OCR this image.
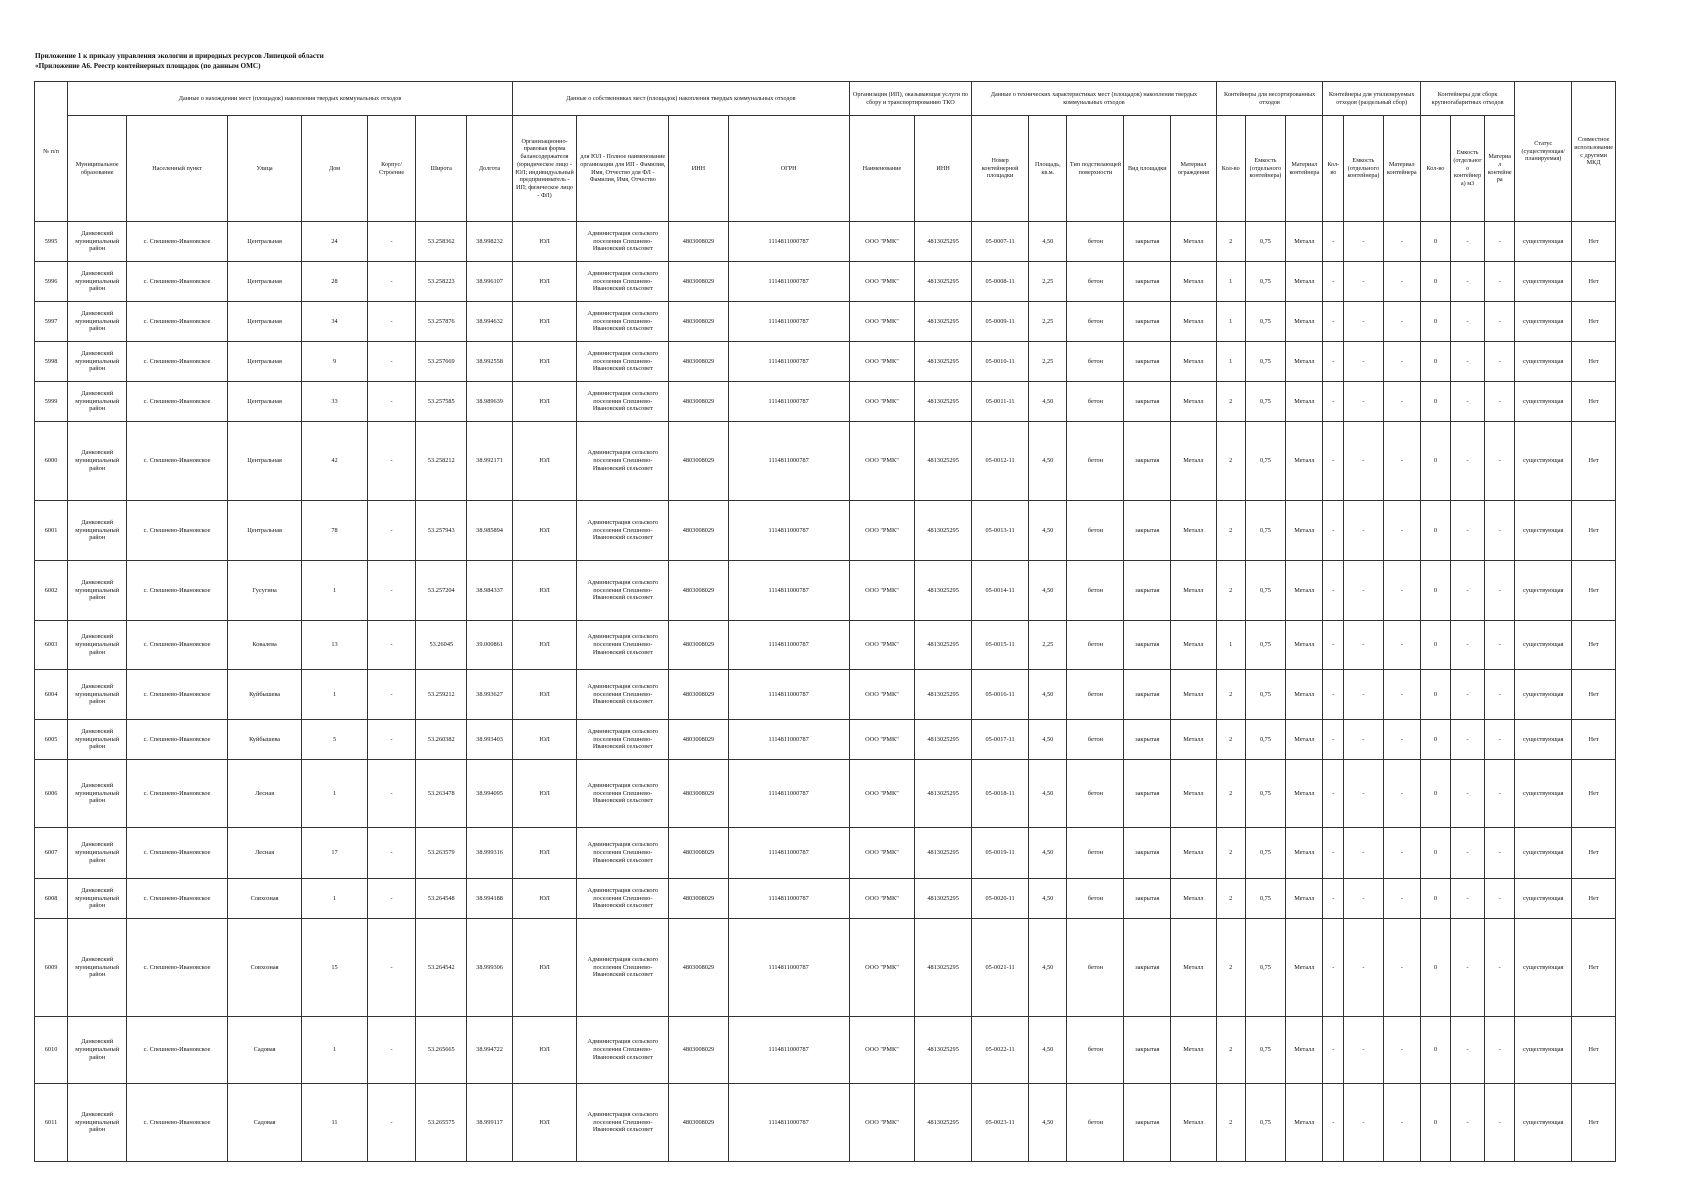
Приложение 1 к приказу управления экологии и природных ресурсов Липецкой области
«Приложение А6. Реестр контейнерных площадок (по данным ОМС)
№ п/п	Данные о нахождении мест (площадок) накопления твердых коммунальных отходов							Данные о собственниках мест (площадок) накопления твердых коммунальных отходов				Организация (ИП), оказывающая услуги по сбору и транспортированию ТКО		Данные о технических характеристиках мест (площадок) накопления твердых коммунальных отходов					Контейнеры для несортированных отходов			Контейнеры для утилизируемых отходов (раздельный сбор)			Контейнеры для сборк крупногабаритных отходов			Статус (существующая/ планируемая)	Совместное использование с другими МКД
	Муниципальное образование	Населенный пункт	Улица	Дом	Корпус/Строение	Широта	Долгота	Организационно-правовая форма балансодержателя (юридическое лицо - ЮЛ; индивидуальный предприниматель - ИП; физическое лицо - ФЛ)	для ЮЛ - Полное наименование организации для ИП - Фамилия, Имя, Отчество для ФЛ - Фамилия, Имя, Отчество	ИНН	ОГРН	Наименование	ИНН	Номер контейнерной площадки	Площадь, кв.м.	Тип подстилающей поверхности	Вид площадки	Материал ограждения	Кол-во	Емкость (отдельного контейнера)	Материал контейнера	Кол-во	Емкость (отдельного контейнера)	Материал контейнера	Кол-во	Емкость (отдельного контейнера) м3	Материал контейнера		
5995	Данковский муниципальный район	с. Спешнево-Ивановское	Центральная	24	-	53.258362	38.998232	ЮЛ	Администрация сельского поселения Спешнево-Ивановский сельсовет	4803008029	1114811000787	ООО "РМК"	4813025295	05-0007-11	4,50	бетон	закрытая	Металл	2	0,75	Металл	-	-	-	0	-	-	существующая	Нет
5996	Данковский муниципальный район	с. Спешнево-Ивановское	Центральная	28	-	53.258223	38.996107	ЮЛ	Администрация сельского поселения Спешнево-Ивановский сельсовет	4803008029	1114811000787	ООО "РМК"	4813025295	05-0008-11	2,25	бетон	закрытая	Металл	1	0,75	Металл	-	-	-	0	-	-	существующая	Нет
5997	Данковский муниципальный район	с. Спешнево-Ивановское	Центральная	34	-	53.257876	38.994632	ЮЛ	Администрация сельского поселения Спешнево-Ивановский сельсовет	4803008029	1114811000787	ООО "РМК"	4813025295	05-0009-11	2,25	бетон	закрытая	Металл	1	0,75	Металл	-	-	-	0	-	-	существующая	Нет
5998	Данковский муниципальный район	с. Спешнево-Ивановское	Центральная	9	-	53.257669	38.992558	ЮЛ	Администрация сельского поселения Спешнево-Ивановский сельсовет	4803008029	1114811000787	ООО "РМК"	4813025295	05-0010-11	2,25	бетон	закрытая	Металл	1	0,75	Металл	-	-	-	0	-	-	существующая	Нет
5999	Данковский муниципальный район	с. Спешнево-Ивановское	Центральная	33	-	53.257585	38.989639	ЮЛ	Администрация сельского поселения Спешнево-Ивановский сельсовет	4803008029	1114811000787	ООО "РМК"	4813025295	05-0011-11	4,50	бетон	закрытая	Металл	2	0,75	Металл	-	-	-	0	-	-	существующая	Нет
6000	Данковский муниципальный район	с. Спешнево-Ивановское	Центральная	42	-	53.258212	38.992171	ЮЛ	Администрация сельского поселения Спешнево-Ивановский сельсовет	4803008029	1114811000787	ООО "РМК"	4813025295	05-0012-11	4,50	бетон	закрытая	Металл	2	0,75	Металл	-	-	-	0	-	-	существующая	Нет
6001	Данковский муниципальный район	с. Спешнево-Ивановское	Центральная	78	-	53.257943	38.985894	ЮЛ	Администрация сельского поселения Спешнево-Ивановский сельсовет	4803008029	1114811000787	ООО "РМК"	4813025295	05-0013-11	4,50	бетон	закрытая	Металл	2	0,75	Металл	-	-	-	0	-	-	существующая	Нет
6002	Данковский муниципальный район	с. Спешнево-Ивановское	Гусугина	1	-	53.257204	38.984337	ЮЛ	Администрация сельского поселения Спешнево-Ивановский сельсовет	4803008029	1114811000787	ООО "РМК"	4813025295	05-0014-11	4,50	бетон	закрытая	Металл	2	0,75	Металл	-	-	-	0	-	-	существующая	Нет
6003	Данковский муниципальный район	с. Спешнево-Ивановское	Ковалева	13	-	53.26045	39.000861	ЮЛ	Администрация сельского поселения Спешнево-Ивановский сельсовет	4803008029	1114811000787	ООО "РМК"	4813025295	05-0015-11	2,25	бетон	закрытая	Металл	1	0,75	Металл	-	-	-	0	-	-	существующая	Нет
6004	Данковский муниципальный район	с. Спешнево-Ивановское	Куйбышева	1	-	53.259212	38.993627	ЮЛ	Администрация сельского поселения Спешнево-Ивановский сельсовет	4803008029	1114811000787	ООО "РМК"	4813025295	05-0016-11	4,50	бетон	закрытая	Металл	2	0,75	Металл	-	-	-	0	-	-	существующая	Нет
6005	Данковский муниципальный район	с. Спешнево-Ивановское	Куйбышева	5	-	53.260382	38.993403	ЮЛ	Администрация сельского поселения Спешнево-Ивановский сельсовет	4803008029	1114811000787	ООО "РМК"	4813025295	05-0017-11	4,50	бетон	закрытая	Металл	2	0,75	Металл	-	-	-	0	-	-	существующая	Нет
6006	Данковский муниципальный район	с. Спешнево-Ивановское	Лесная	1	-	53.263478	38.994095	ЮЛ	Администрация сельского поселения Спешнево-Ивановский сельсовет	4803008029	1114811000787	ООО "РМК"	4813025295	05-0018-11	4,50	бетон	закрытая	Металл	2	0,75	Металл	-	-	-	0	-	-	существующая	Нет
6007	Данковский муниципальный район	с. Спешнево-Ивановское	Лесная	17	-	53.263579	38.999316	ЮЛ	Администрация сельского поселения Спешнево-Ивановский сельсовет	4803008029	1114811000787	ООО "РМК"	4813025295	05-0019-11	4,50	бетон	закрытая	Металл	2	0,75	Металл	-	-	-	0	-	-	существующая	Нет
6008	Данковский муниципальный район	с. Спешнево-Ивановское	Совхозная	1	-	53.264548	38.994188	ЮЛ	Администрация сельского поселения Спешнево-Ивановский сельсовет	4803008029	1114811000787	ООО "РМК"	4813025295	05-0020-11	4,50	бетон	закрытая	Металл	2	0,75	Металл	-	-	-	0	-	-	существующая	Нет
6009	Данковский муниципальный район	с. Спешнево-Ивановское	Совхозная	15	-	53.264542	38.999306	ЮЛ	Администрация сельского поселения Спешнево-Ивановский сельсовет	4803008029	1114811000787	ООО "РМК"	4813025295	05-0021-11	4,50	бетон	закрытая	Металл	2	0,75	Металл	-	-	-	0	-	-	существующая	Нет
6010	Данковский муниципальный район	с. Спешнево-Ивановское	Садовая	1	-	53.265665	38.994722	ЮЛ	Администрация сельского поселения Спешнево-Ивановский сельсовет	4803008029	1114811000787	ООО "РМК"	4813025295	05-0022-11	4,50	бетон	закрытая	Металл	2	0,75	Металл	-	-	-	0	-	-	существующая	Нет
6011	Данковский муниципальный район	с. Спешнево-Ивановское	Садовая	11	-	53.265575	38.999117	ЮЛ	Администрация сельского поселения Спешнево-Ивановский сельсовет	4803008029	1114811000787	ООО "РМК"	4813025295	05-0023-11	4,50	бетон	закрытая	Металл	2	0,75	Металл	-	-	-	0	-	-	существующая	Нет
